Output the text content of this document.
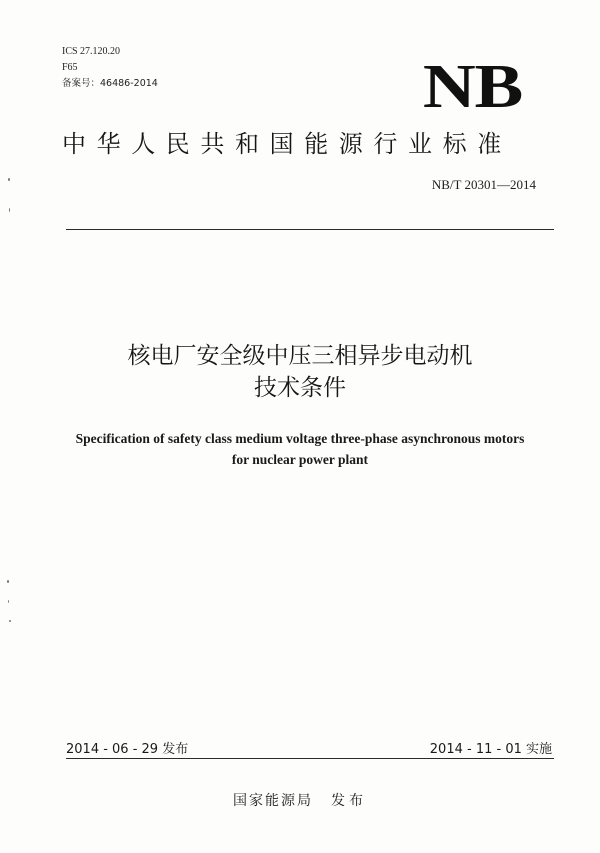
ICS 27.120.20
F65
备案号：46486-2014	NB
中华人民共和国能源行业标准
NB/T 20301—2014
核电厂安全级中压三相异步电动机
技术条件
Specification of safety class medium voltage three-phase asynchronous motors
for nuclear power plant
2014 - 06 - 29 发布	2014 - 11 - 01 实施
国家能源局 发布
